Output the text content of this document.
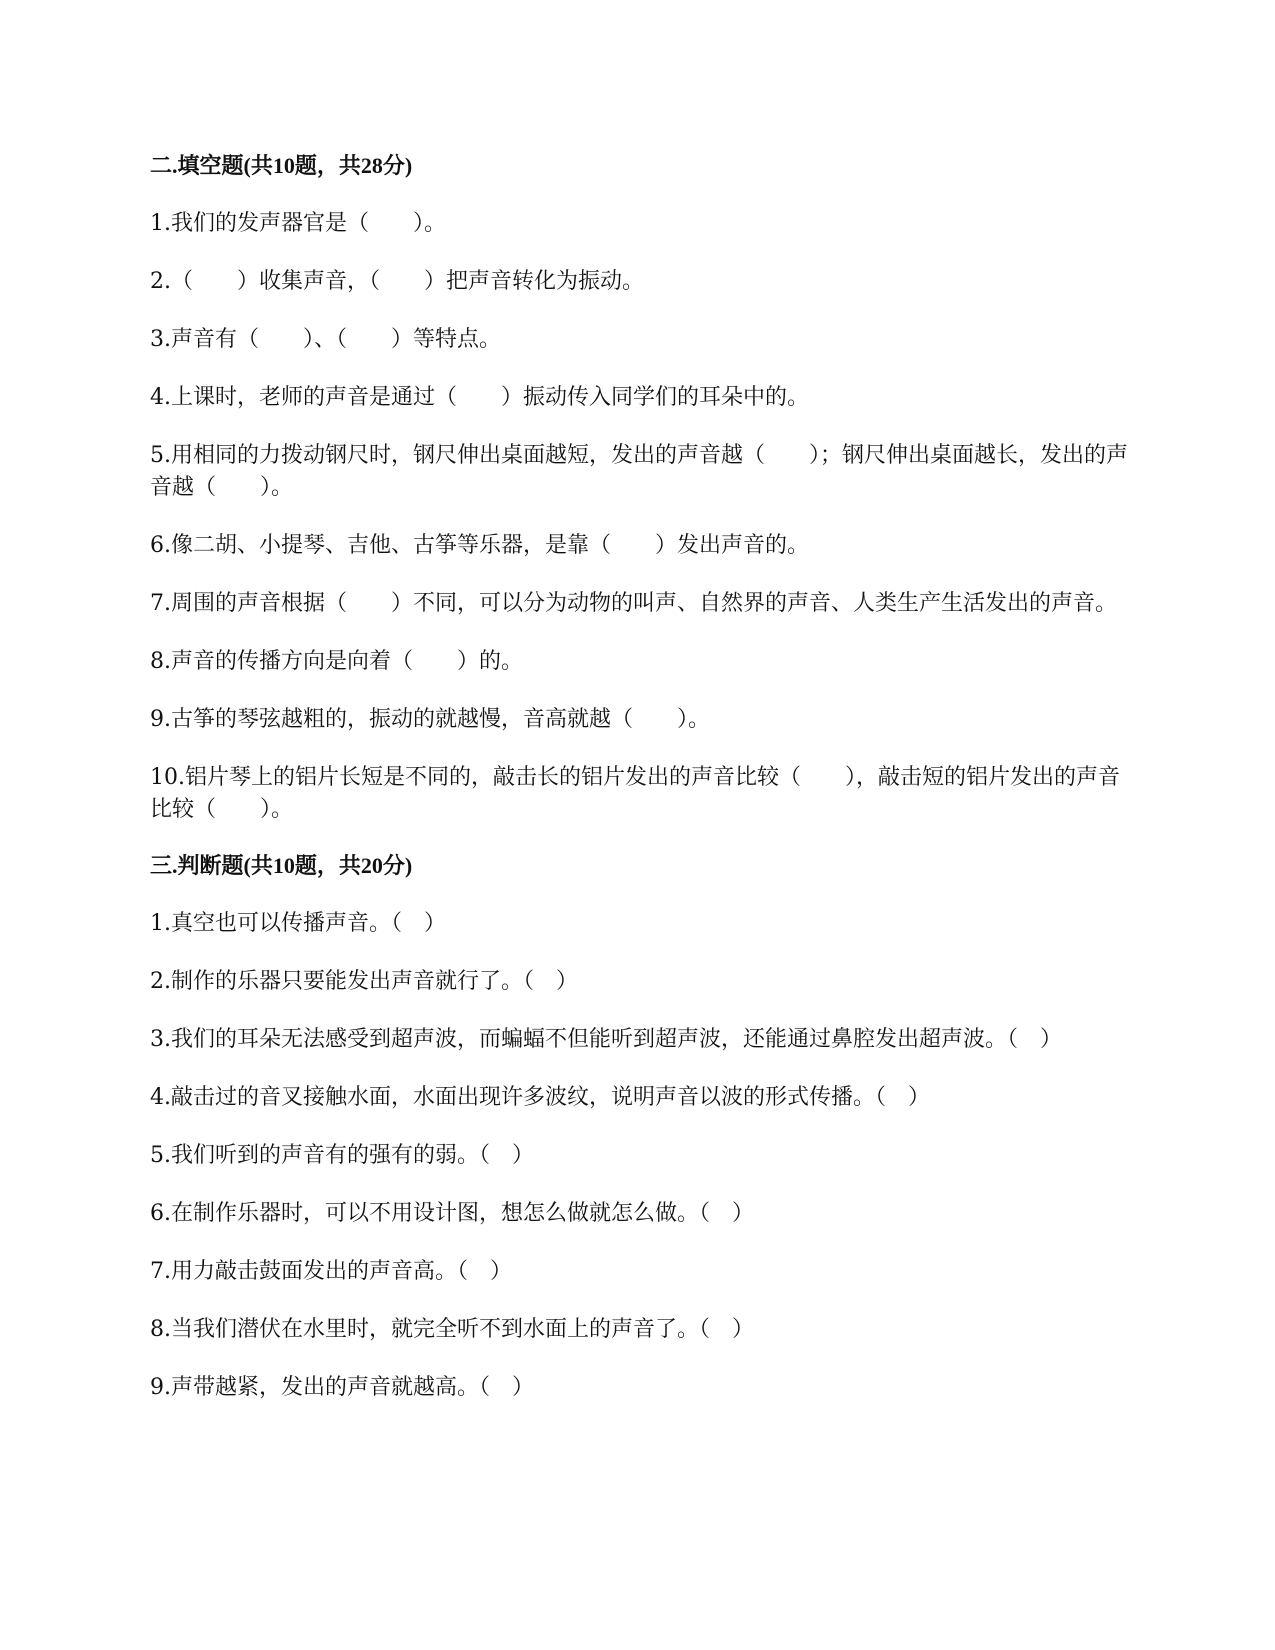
二.填空题(共10题，共28分)

1.我们的发声器官是（　　）。

2.（　　）收集声音，（　　）把声音转化为振动。

3.声音有（　　）、（　　）等特点。

4.上课时，老师的声音是通过（　　）振动传入同学们的耳朵中的。

5.用相同的力拨动钢尺时，钢尺伸出桌面越短，发出的声音越（　　）；钢尺伸出桌面越长，发出的声音越（　　）。

6.像二胡、小提琴、吉他、古筝等乐器，是靠（　　）发出声音的。

7.周围的声音根据（　　）不同，可以分为动物的叫声、自然界的声音、人类生产生活发出的声音。

8.声音的传播方向是向着（　　）的。

9.古筝的琴弦越粗的，振动的就越慢，音高就越（　　）。

10.铝片琴上的铝片长短是不同的，敲击长的铝片发出的声音比较（　　），敲击短的铝片发出的声音比较（　　）。

三.判断题(共10题，共20分)

1.真空也可以传播声音。（　）

2.制作的乐器只要能发出声音就行了。（　）

3.我们的耳朵无法感受到超声波，而蝙蝠不但能听到超声波，还能通过鼻腔发出超声波。（　）

4.敲击过的音叉接触水面，水面出现许多波纹，说明声音以波的形式传播。（　）

5.我们听到的声音有的强有的弱。（　）

6.在制作乐器时，可以不用设计图，想怎么做就怎么做。（　）

7.用力敲击鼓面发出的声音高。（　）

8.当我们潜伏在水里时，就完全听不到水面上的声音了。（　）

9.声带越紧，发出的声音就越高。（　）
